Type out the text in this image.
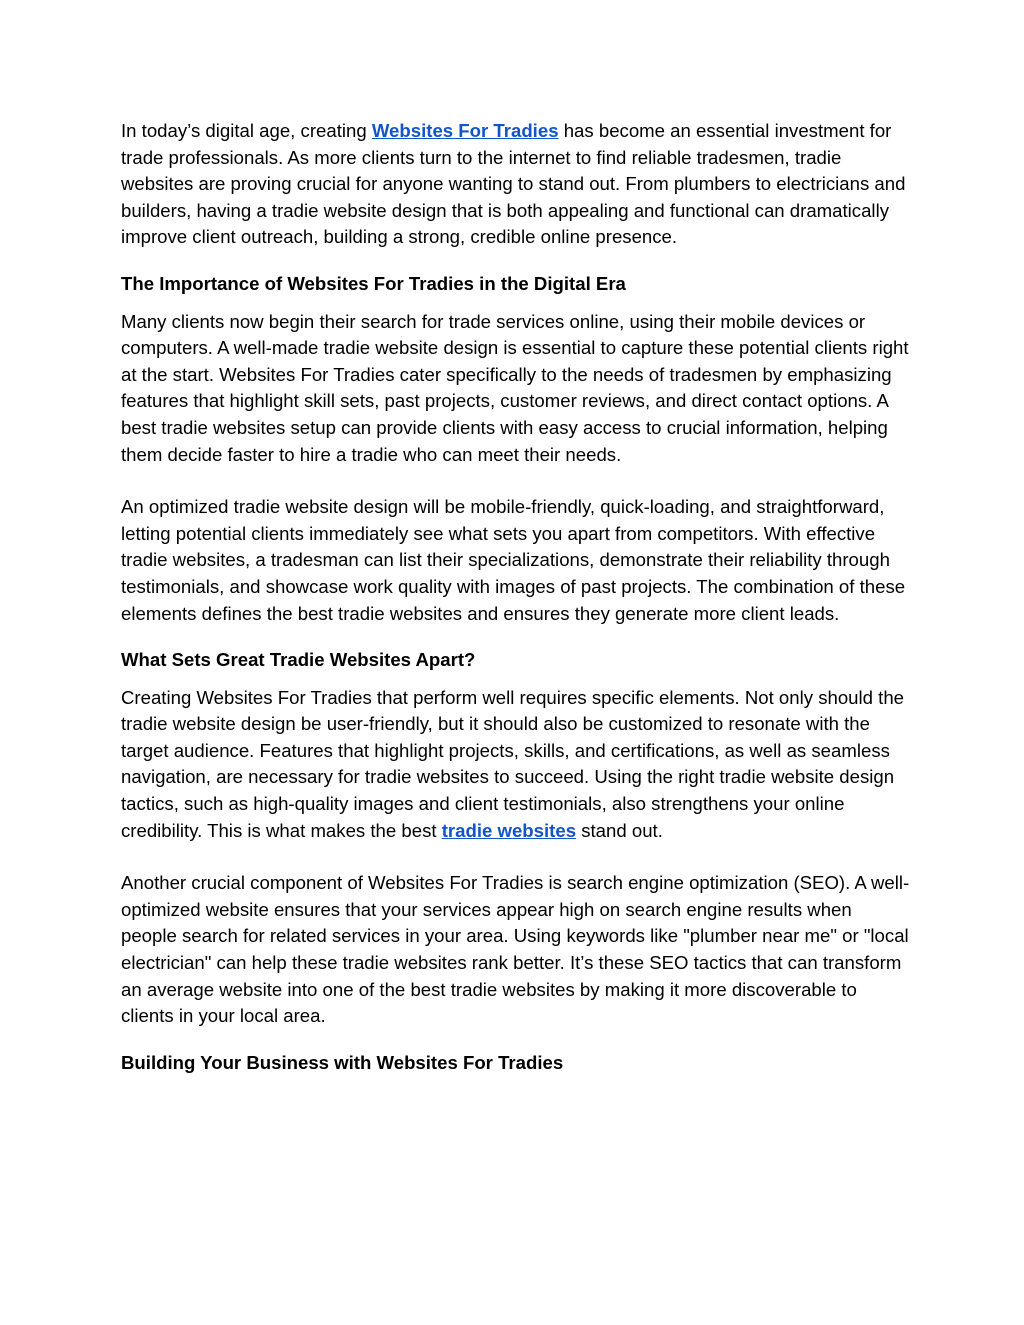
In today’s digital age, creating Websites For Tradies has become an essential investment for trade professionals. As more clients turn to the internet to find reliable tradesmen, tradie websites are proving crucial for anyone wanting to stand out. From plumbers to electricians and builders, having a tradie website design that is both appealing and functional can dramatically improve client outreach, building a strong, credible online presence.

The Importance of Websites For Tradies in the Digital Era

Many clients now begin their search for trade services online, using their mobile devices or computers. A well-made tradie website design is essential to capture these potential clients right at the start. Websites For Tradies cater specifically to the needs of tradesmen by emphasizing features that highlight skill sets, past projects, customer reviews, and direct contact options. A best tradie websites setup can provide clients with easy access to crucial information, helping them decide faster to hire a tradie who can meet their needs.

An optimized tradie website design will be mobile-friendly, quick-loading, and straightforward, letting potential clients immediately see what sets you apart from competitors. With effective tradie websites, a tradesman can list their specializations, demonstrate their reliability through testimonials, and showcase work quality with images of past projects. The combination of these elements defines the best tradie websites and ensures they generate more client leads.

What Sets Great Tradie Websites Apart?

Creating Websites For Tradies that perform well requires specific elements. Not only should the tradie website design be user-friendly, but it should also be customized to resonate with the target audience. Features that highlight projects, skills, and certifications, as well as seamless navigation, are necessary for tradie websites to succeed. Using the right tradie website design tactics, such as high-quality images and client testimonials, also strengthens your online credibility. This is what makes the best tradie websites stand out.

Another crucial component of Websites For Tradies is search engine optimization (SEO). A well-optimized website ensures that your services appear high on search engine results when people search for related services in your area. Using keywords like "plumber near me" or "local electrician" can help these tradie websites rank better. It’s these SEO tactics that can transform an average website into one of the best tradie websites by making it more discoverable to clients in your local area.

Building Your Business with Websites For Tradies
